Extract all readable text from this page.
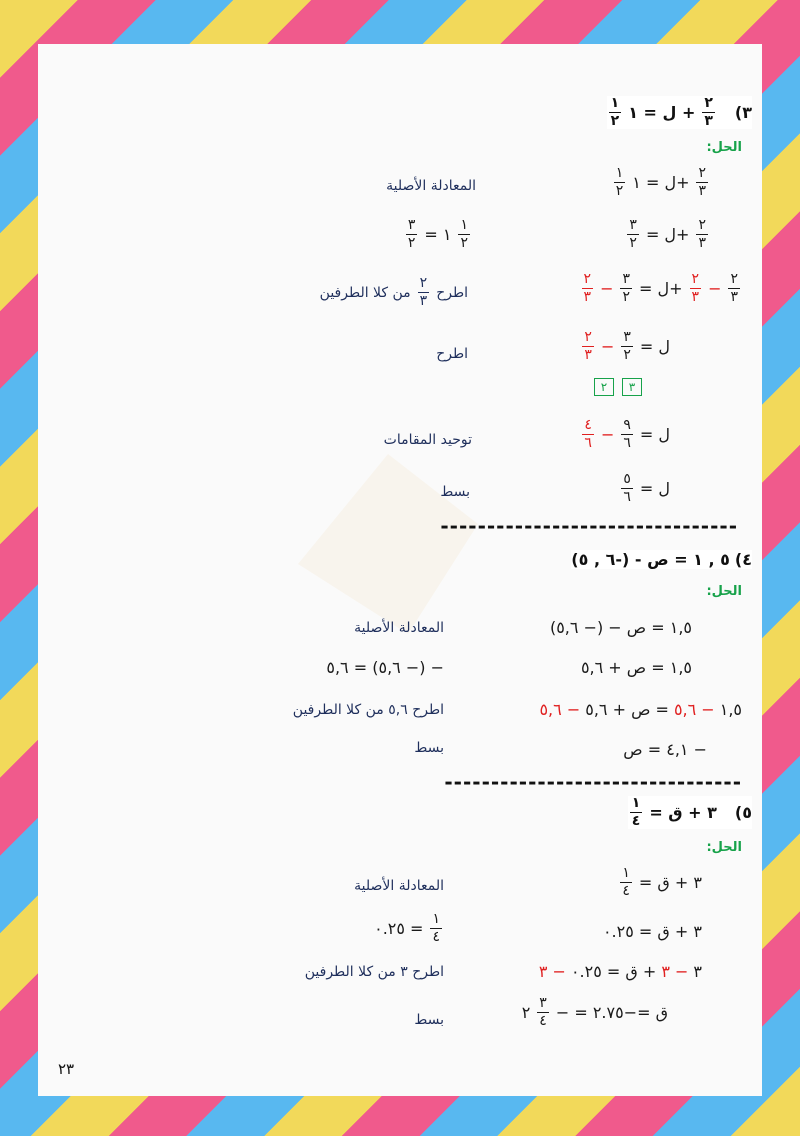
٣)
$\frac{٢}{٣}$
+ ل = ١
$\frac{١}{٢}$
الحل:
$\frac{٢}{٣}$
+ل = ١
$\frac{١}{٢}$
المعادلة الأصلية
$\frac{٢}{٣}$
+ل =
$\frac{٣}{٢}$
$\frac{١}{٢}$
١ =
$\frac{٣}{٢}$
$\frac{٢}{٣}$
−
$\frac{٢}{٣}$
+ل =
$\frac{٣}{٢}$
−
$\frac{٢}{٣}$
اطرح
$\frac{٢}{٣}$
من كلا الطرفين
ل =
$\frac{٣}{٢}$
−
$\frac{٢}{٣}$
اطرح
٣
٢
ل =
$\frac{٩}{٦}$
−
$\frac{٤}{٦}$
توحيد المقامات
ل =
$\frac{٥}{٦}$
بسط
--------------------------------
٤)
٥ , ١ = ص - (-٦ , ٥)
الحل:
١,٥ = ص − (− ٥,٦)
المعادلة الأصلية
١,٥ = ص + ٥,٦
− (− ٥,٦) = ٥,٦
١,٥
− ٥,٦
= ص + ٥,٦
− ٥,٦
اطرح ٥,٦ من كلا الطرفين
− ٤,١ = ص
بسط
--------------------------------
٥)
٣ + ق =
$\frac{١}{٤}$
الحل:
٣ + ق =
$\frac{١}{٤}$
المعادلة الأصلية
٣ + ق = ٠.٢٥
$\frac{١}{٤}$
= ٠.٢٥
٣
− ٣
+ ق = ٠.٢٥
− ٣
اطرح ٣ من كلا الطرفين
ق =−٢.٧٥ = −
$\frac{٣}{٤}$
٢
بسط
٢٣
